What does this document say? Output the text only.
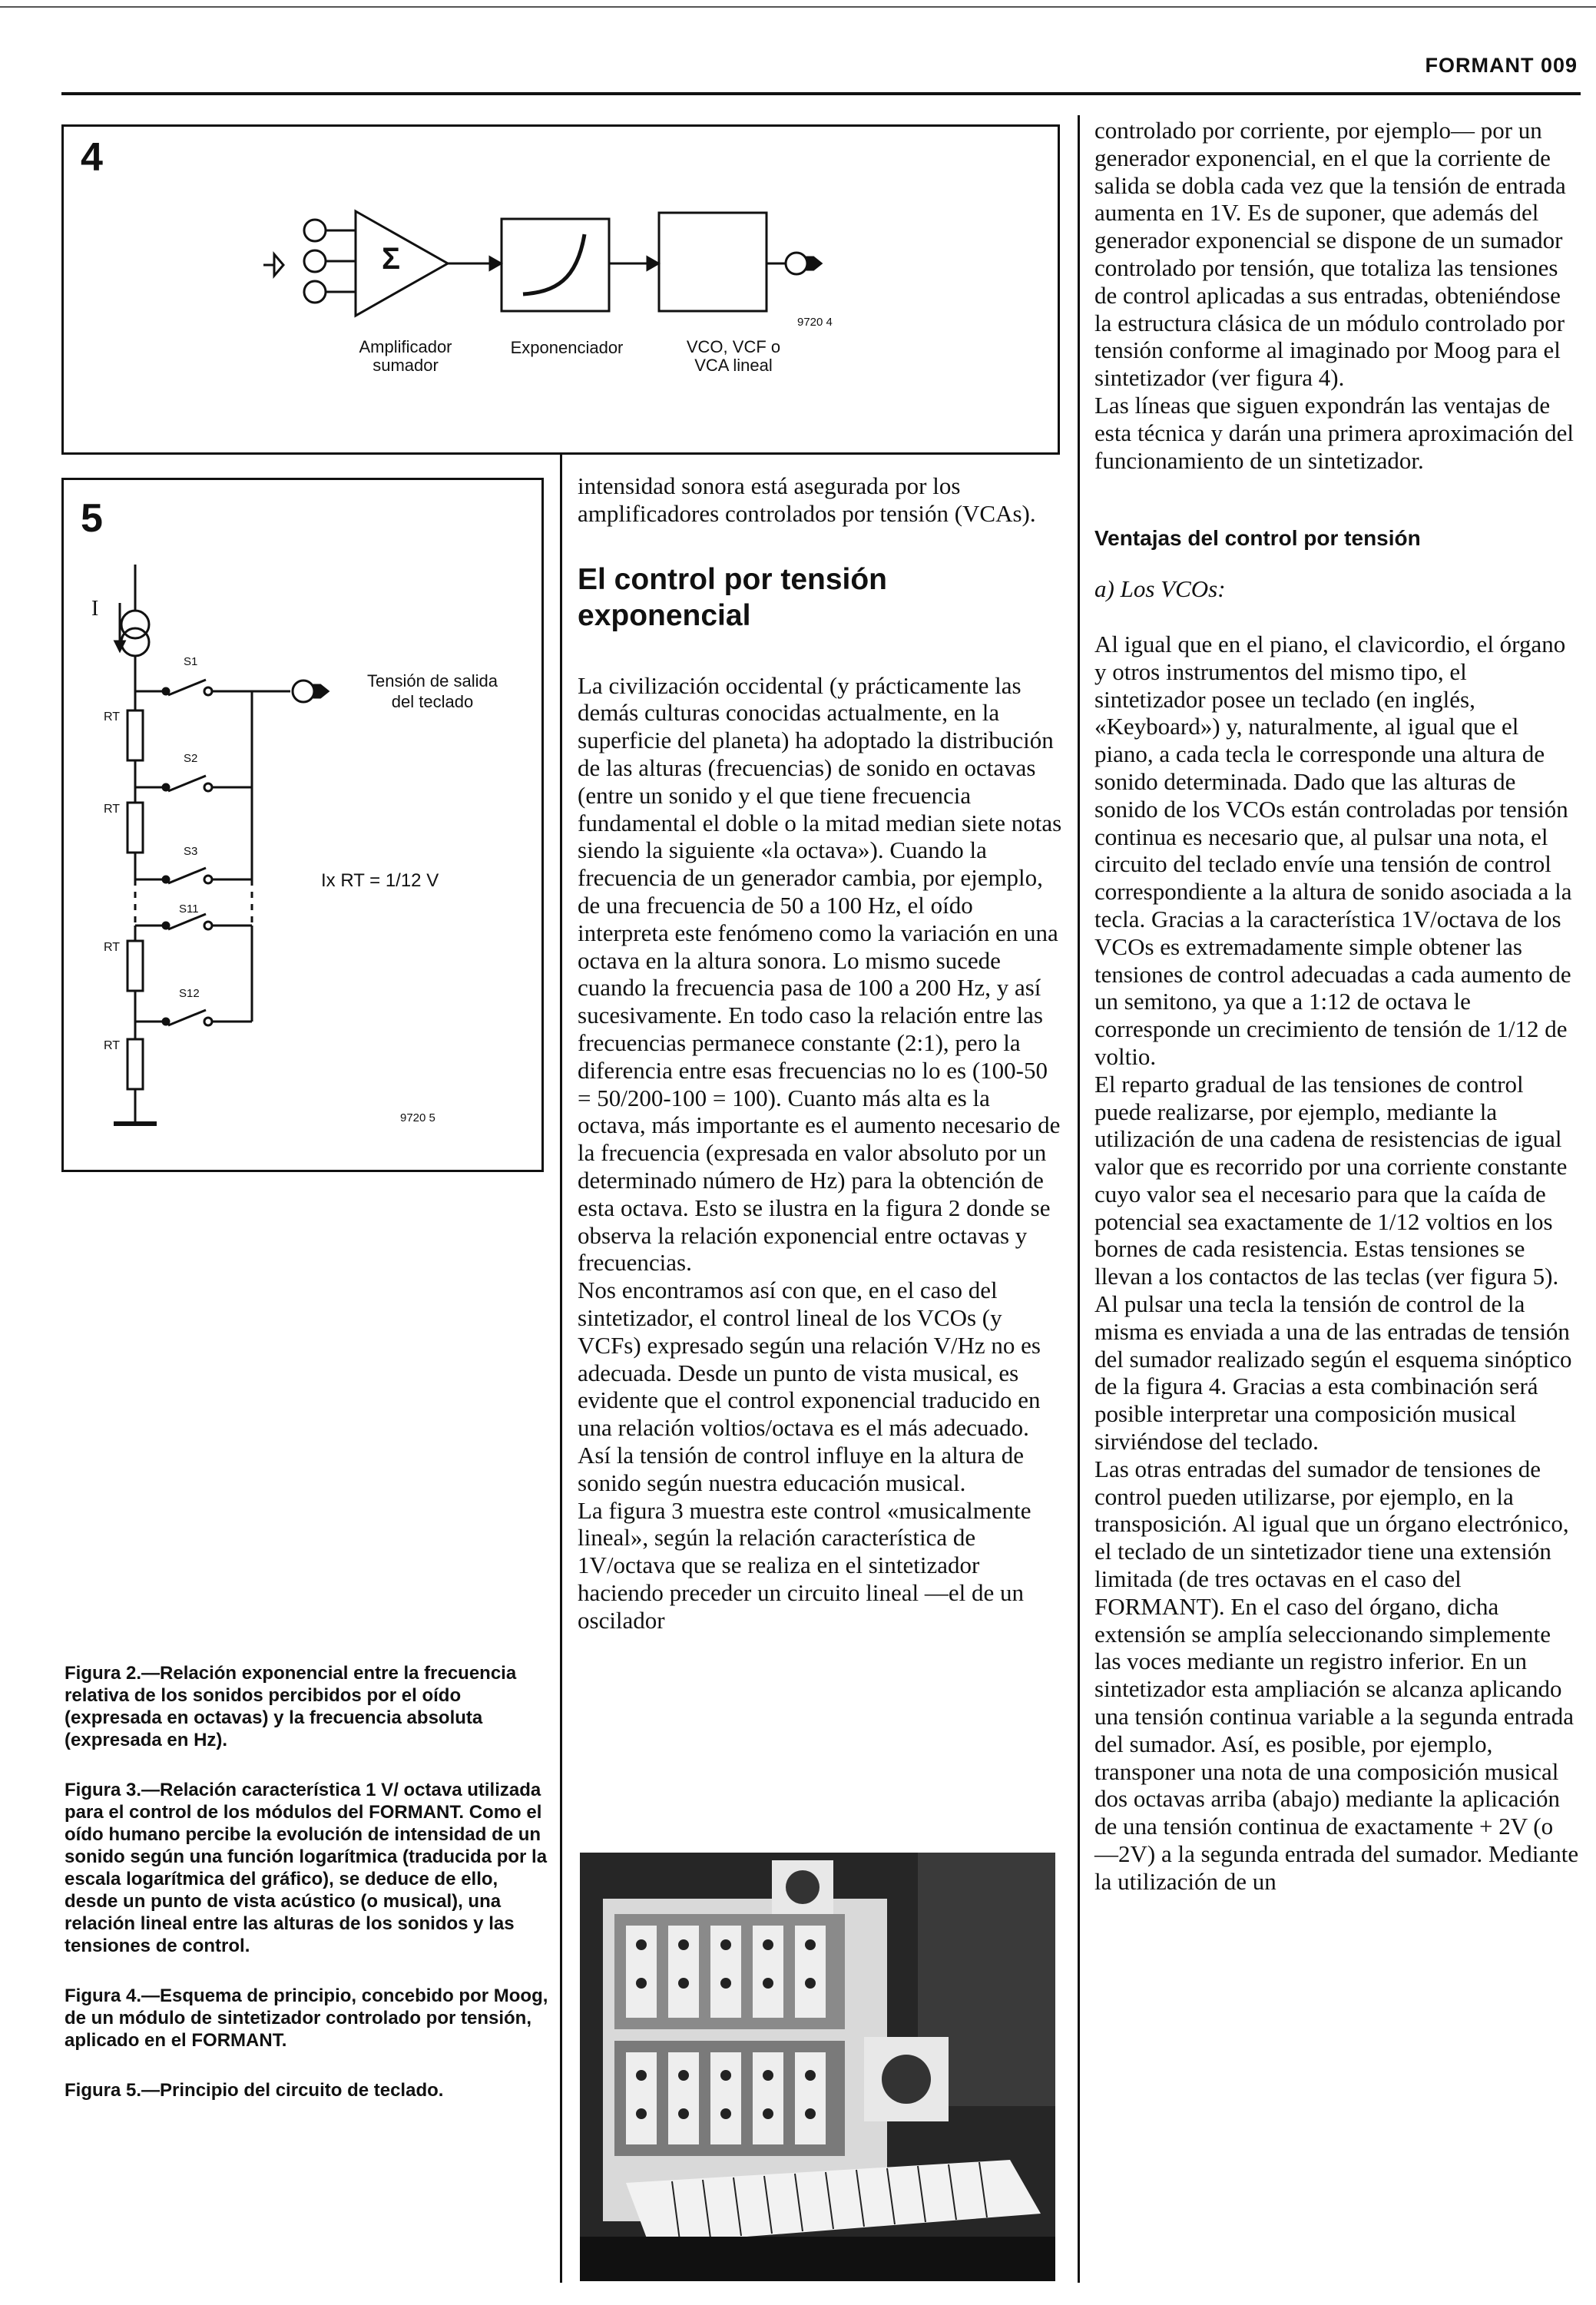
FORMANT 009
4
Σ
Amplificador
sumador
Exponenciador	VCO, VCF o
VCA lineal
9720 4
5
I
Tensión de salida
del teclado
Ix RT = 1/12 V
RT
RT
RT
RT
S1
S2
S3
S11
S12
9720 5

Figura 2.—Relación exponencial entre la frecuencia relativa de los sonidos percibidos por el oído (expresada en octavas) y la frecuencia absoluta (expresada en Hz).

Figura 3.—Relación característica 1 V/ octava utilizada para el control de los módulos del FORMANT. Como el oído humano percibe la evolución de intensidad de un sonido según una función logarítmica (traducida por la escala logarítmica del gráfico), se deduce de ello, desde un punto de vista acústico (o musical), una relación lineal entre las alturas de los sonidos y las tensiones de control.

Figura 4.—Esquema de principio, concebido por Moog, de un módulo de sintetizador controlado por tensión, aplicado en el FORMANT.

Figura 5.—Principio del circuito de teclado.

intensidad sonora está asegurada por los amplificadores controlados por tensión (VCAs).

El control por tensión exponencial

La civilización occidental (y prácticamente las demás culturas conocidas actualmente, en la superficie del planeta) ha adoptado la distribución de las alturas (frecuencias) de sonido en octavas (entre un sonido y el que tiene frecuencia fundamental el doble o la mitad median siete notas siendo la siguiente «la octava»). Cuando la frecuencia de un generador cambia, por ejemplo, de una frecuencia de 50 a 100 Hz, el oído interpreta este fenómeno como la variación en una octava en la altura sonora. Lo mismo sucede cuando la frecuencia pasa de 100 a 200 Hz, y así sucesivamente. En todo caso la relación entre las frecuencias permanece constante (2:1), pero la diferencia entre esas frecuencias no lo es (100-50 = 50/200-100 = 100). Cuanto más alta es la octava, más importante es el aumento necesario de la frecuencia (expresada en valor absoluto por un determinado número de Hz) para la obtención de esta octava. Esto se ilustra en la figura 2 donde se observa la relación exponencial entre octavas y frecuencias.

Nos encontramos así con que, en el caso del sintetizador, el control lineal de los VCOs (y VCFs) expresado según una relación V/Hz no es adecuada. Desde un punto de vista musical, es evidente que el control exponencial traducido en una relación voltios/octava es el más adecuado. Así la tensión de control influye en la altura de sonido según nuestra educación musical.

La figura 3 muestra este control «musicalmente lineal», según la relación característica de 1V/octava que se realiza en el sintetizador haciendo preceder un circuito lineal —el de un oscilador

controlado por corriente, por ejemplo— por un generador exponencial, en el que la corriente de salida se dobla cada vez que la tensión de entrada aumenta en 1V. Es de suponer, que además del generador exponencial se dispone de un sumador controlado por tensión, que totaliza las tensiones de control aplicadas a sus entradas, obteniéndose la estructura clásica de un módulo controlado por tensión conforme al imaginado por Moog para el sintetizador (ver figura 4).

Las líneas que siguen expondrán las ventajas de esta técnica y darán una primera aproximación del funcionamiento de un sintetizador.

Ventajas del control por tensión

a) Los VCOs:

Al igual que en el piano, el clavicordio, el órgano y otros instrumentos del mismo tipo, el sintetizador posee un teclado (en inglés, «Keyboard») y, naturalmente, al igual que el piano, a cada tecla le corresponde una altura de sonido determinada. Dado que las alturas de sonido de los VCOs están controladas por tensión continua es necesario que, al pulsar una nota, el circuito del teclado envíe una tensión de control correspondiente a la altura de sonido asociada a la tecla. Gracias a la característica 1V/octava de los VCOs es extremadamente simple obtener las tensiones de control adecuadas a cada aumento de un semitono, ya que a 1:12 de octava le corresponde un crecimiento de tensión de 1/12 de voltio.

El reparto gradual de las tensiones de control puede realizarse, por ejemplo, mediante la utilización de una cadena de resistencias de igual valor que es recorrido por una corriente constante cuyo valor sea el necesario para que la caída de potencial sea exactamente de 1/12 voltios en los bornes de cada resistencia. Estas tensiones se llevan a los contactos de las teclas (ver figura 5). Al pulsar una tecla la tensión de control de la misma es enviada a una de las entradas de tensión del sumador realizado según el esquema sinóptico de la figura 4. Gracias a esta combinación será posible interpretar una composición musical sirviéndose del teclado.

Las otras entradas del sumador de tensiones de control pueden utilizarse, por ejemplo, en la transposición. Al igual que un órgano electrónico, el teclado de un sintetizador tiene una extensión limitada (de tres octavas en el caso del FORMANT). En el caso del órgano, dicha extensión se amplía seleccionando simplemente las voces mediante un registro inferior. En un sintetizador esta ampliación se alcanza aplicando una tensión continua variable a la segunda entrada del sumador. Así, es posible, por ejemplo, transponer una nota de una composición musical dos octavas arriba (abajo) mediante la aplicación de una tensión continua de exactamente + 2V (o —2V) a la segunda entrada del sumador. Mediante la utilización de un
